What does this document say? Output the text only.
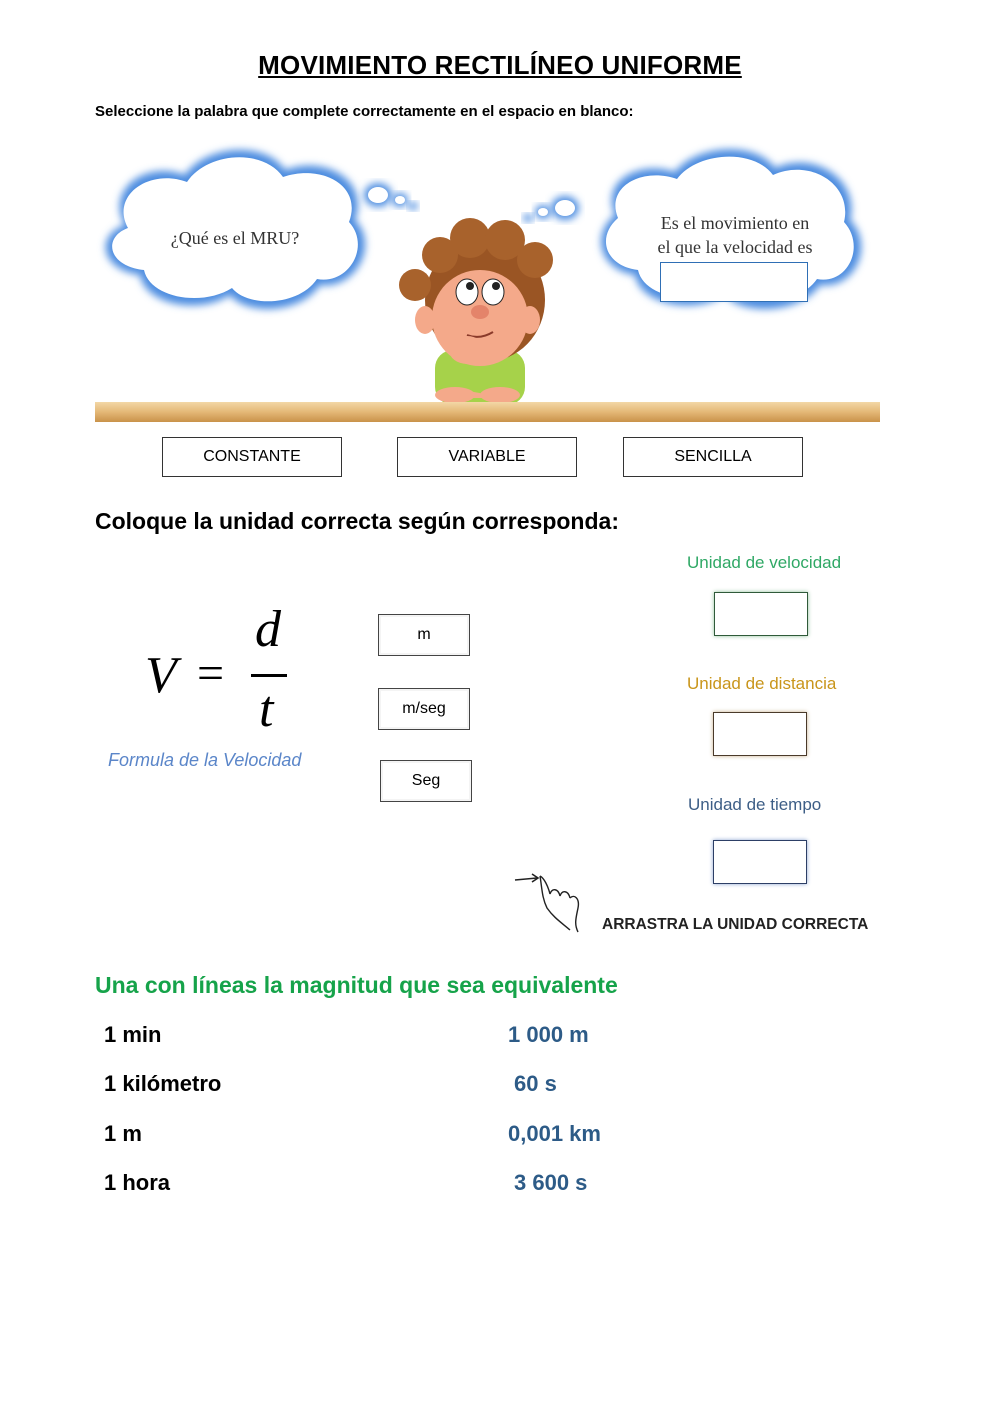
MOVIMIENTO RECTILÍNEO UNIFORME
Seleccione la palabra que complete correctamente en el espacio en blanco:
¿Qué es el MRU?
Es el movimiento en
el que la velocidad es
CONSTANTE	VARIABLE	SENCILLA
Coloque la unidad correcta según corresponda:
V =
d
t
Formula de la Velocidad
m
m/seg
Seg
Unidad de velocidad
Unidad de distancia
Unidad de tiempo
ARRASTRA LA UNIDAD CORRECTA
Una con líneas la magnitud que sea equivalente
1 min
1 kilómetro
1 m
1 hora
1 000 m
60 s
0,001 km
3 600 s
